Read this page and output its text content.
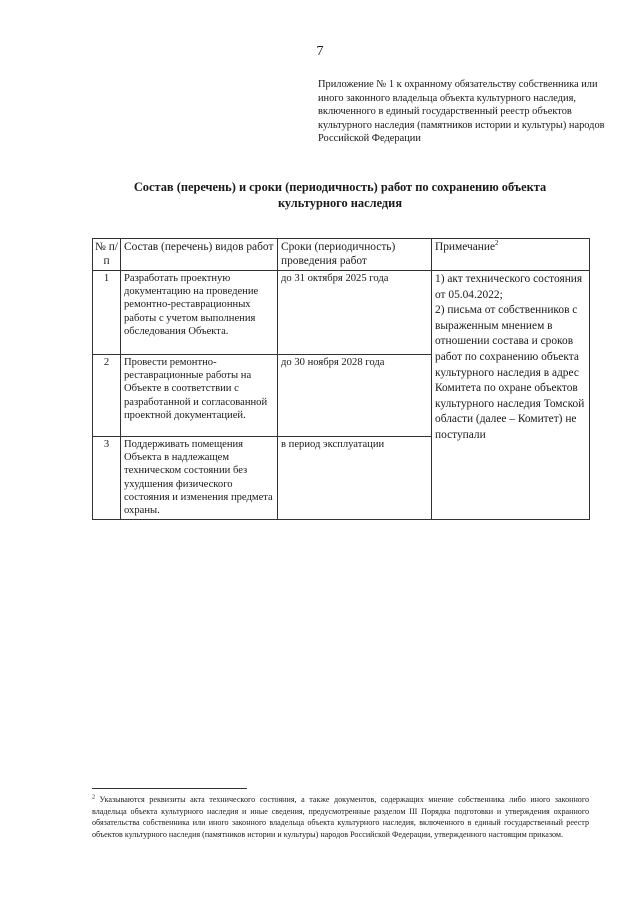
7
Приложение № 1 к охранному обязательству собственника или иного законного владельца объекта культурного наследия, включенного в единый государственный реестр объектов культурного наследия (памятников истории и культуры) народов Российской Федерации
Состав (перечень) и сроки (периодичность) работ по сохранению объекта культурного наследия
№ п/п	Состав (перечень) видов работ	Сроки (периодичность) проведения работ	Примечание$^2$
1	Разработать проектную документацию на проведение ремонтно-реставрационных работы с учетом выполнения обследования Объекта.	до 31 октября 2025 года	1) акт технического состояния от 05.04.2022;
2) письма от собственников с выраженным мнением в отношении состава и сроков работ по сохранению объекта культурного наследия в адрес Комитета по охране объектов культурного наследия Томской области (далее – Комитет) не поступали

2	Провести ремонтно-реставрационные работы на Объекте в соответствии с разработанной и согласованной проектной документацией.	до 30 ноября 2028 года	
3	Поддерживать помещения Объекта в надлежащем техническом состоянии без ухудшения физического состояния и изменения предмета охраны.	в период эксплуатации	
$^2$ Указываются реквизиты акта технического состояния, а также документов, содержащих мнение собственника либо иного законного владельца объекта культурного наследия и иные сведения, предусмотренные разделом III Порядка подготовки и утверждения охранного обязательства собственника или иного законного владельца объекта культурного наследия, включенного в единый государственный реестр объектов культурного наследия (памятников истории и культуры) народов Российской Федерации, утвержденного настоящим приказом.
